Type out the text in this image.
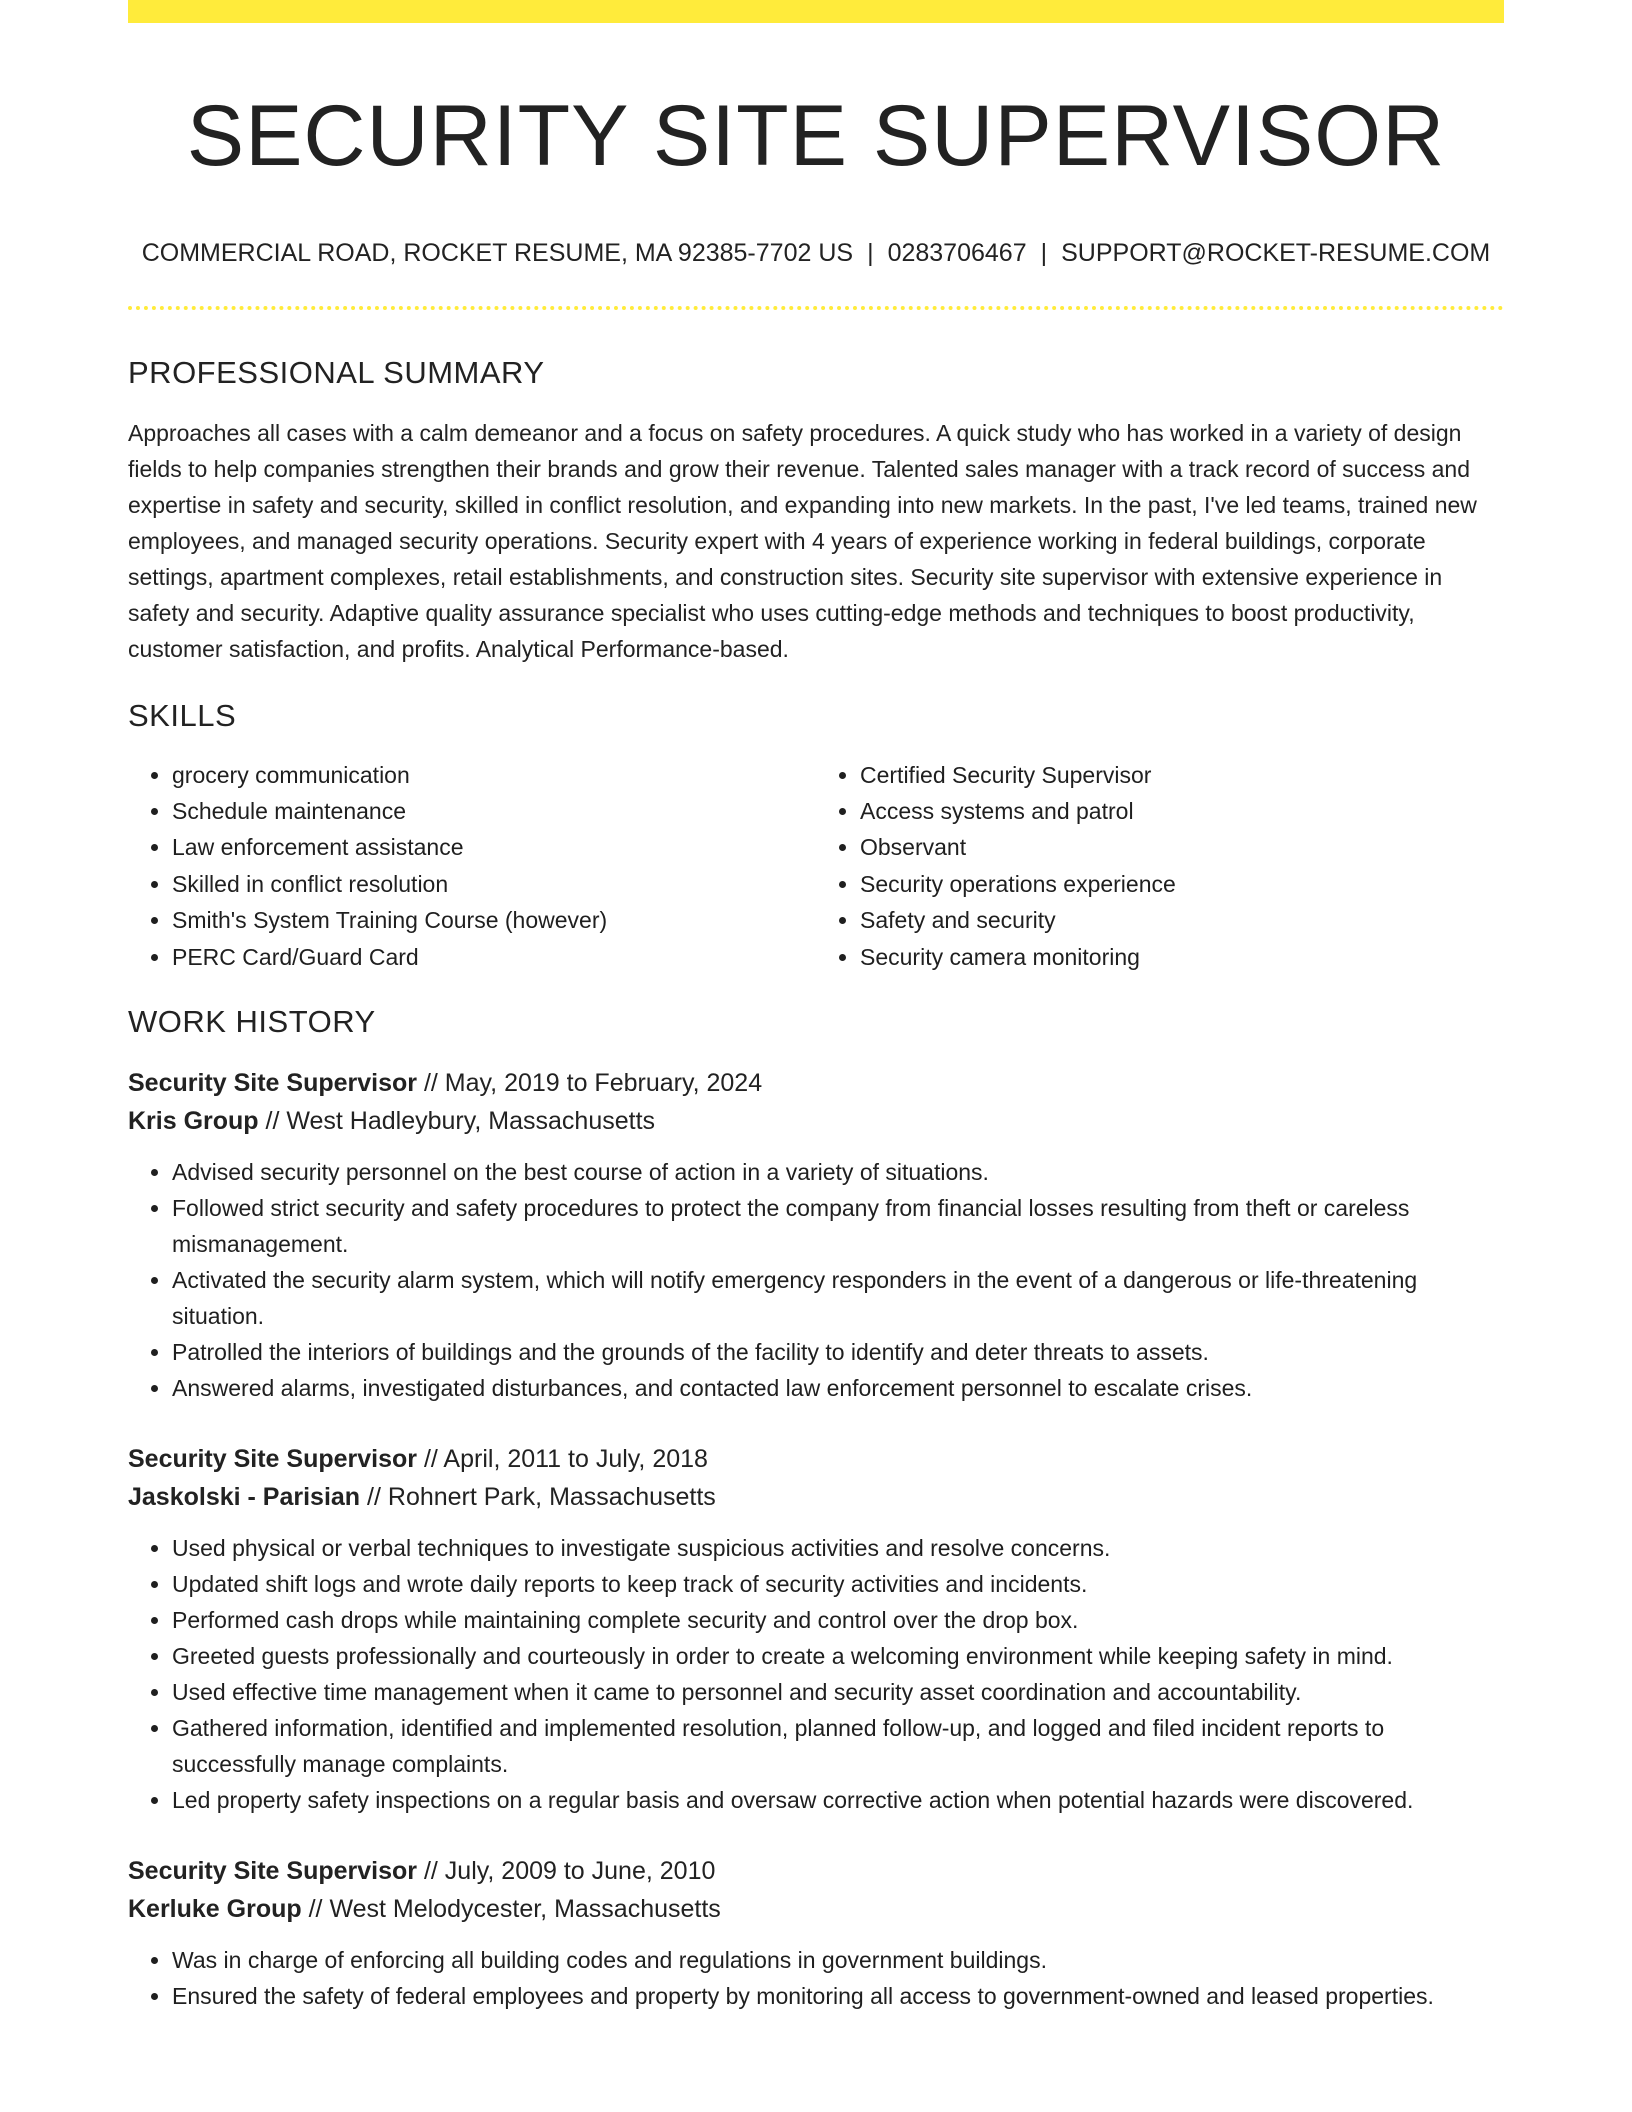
SECURITY SITE SUPERVISOR
COMMERCIAL ROAD, ROCKET RESUME, MA 92385-7702 US | 0283706467 | SUPPORT@ROCKET-RESUME.COM
PROFESSIONAL SUMMARY
Approaches all cases with a calm demeanor and a focus on safety procedures. A quick study who has worked in a variety of design fields to help companies strengthen their brands and grow their revenue. Talented sales manager with a track record of success and expertise in safety and security, skilled in conflict resolution, and expanding into new markets. In the past, I've led teams, trained new employees, and managed security operations. Security expert with 4 years of experience working in federal buildings, corporate settings, apartment complexes, retail establishments, and construction sites. Security site supervisor with extensive experience in safety and security. Adaptive quality assurance specialist who uses cutting-edge methods and techniques to boost productivity, customer satisfaction, and profits. Analytical Performance-based.
SKILLS
• grocery communication
• Schedule maintenance
• Law enforcement assistance
• Skilled in conflict resolution
• Smith's System Training Course (however)
• PERC Card/Guard Card
• Certified Security Supervisor
• Access systems and patrol
• Observant
• Security operations experience
• Safety and security
• Security camera monitoring
WORK HISTORY
Security Site Supervisor // May, 2019 to February, 2024
Kris Group // West Hadleybury, Massachusetts
• Advised security personnel on the best course of action in a variety of situations.
• Followed strict security and safety procedures to protect the company from financial losses resulting from theft or careless mismanagement.
• Activated the security alarm system, which will notify emergency responders in the event of a dangerous or life-threatening situation.
• Patrolled the interiors of buildings and the grounds of the facility to identify and deter threats to assets.
• Answered alarms, investigated disturbances, and contacted law enforcement personnel to escalate crises.
Security Site Supervisor // April, 2011 to July, 2018
Jaskolski - Parisian // Rohnert Park, Massachusetts
• Used physical or verbal techniques to investigate suspicious activities and resolve concerns.
• Updated shift logs and wrote daily reports to keep track of security activities and incidents.
• Performed cash drops while maintaining complete security and control over the drop box.
• Greeted guests professionally and courteously in order to create a welcoming environment while keeping safety in mind.
• Used effective time management when it came to personnel and security asset coordination and accountability.
• Gathered information, identified and implemented resolution, planned follow-up, and logged and filed incident reports to successfully manage complaints.
• Led property safety inspections on a regular basis and oversaw corrective action when potential hazards were discovered.
Security Site Supervisor // July, 2009 to June, 2010
Kerluke Group // West Melodycester, Massachusetts
• Was in charge of enforcing all building codes and regulations in government buildings.
• Ensured the safety of federal employees and property by monitoring all access to government-owned and leased properties.
